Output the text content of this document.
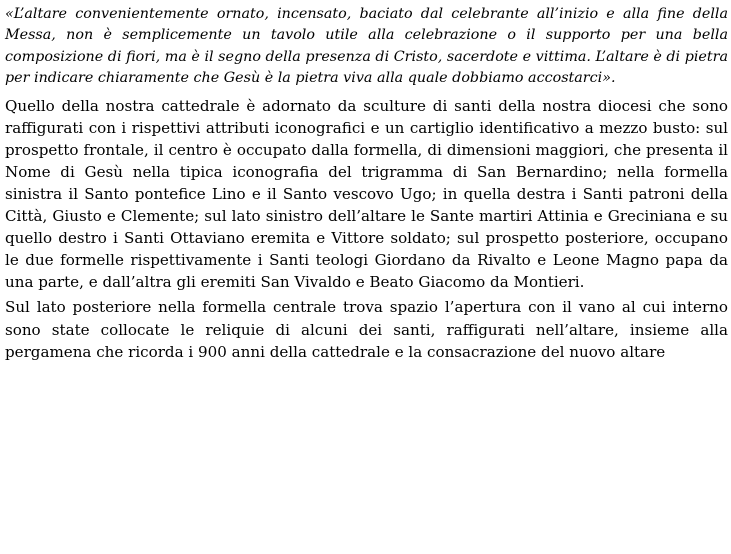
«L’altare convenientemente ornato, incensato, baciato dal celebrante all’inizio e alla fine della Messa, non è semplicemente un tavolo utile alla celebrazione o il supporto per una bella composizione di fiori, ma è il segno della presenza di Cristo, sacerdote e vittima. L’altare è di pietra per indicare chiaramente che Gesù è la pietra viva alla quale dobbiamo accostarci».

Quello della nostra cattedrale è adornato da sculture di santi della nostra diocesi che sono raffigurati con i rispettivi attributi iconografici e un cartiglio identificativo a mezzo busto: sul prospetto frontale, il centro è occupato dalla formella, di dimensioni maggiori, che presenta il Nome di Gesù nella tipica iconografia del trigramma di San Bernardino; nella formella sinistra il Santo pontefice Lino e il Santo vescovo Ugo; in quella destra i Santi patroni della Città, Giusto e Clemente; sul lato sinistro dell’altare le Sante martiri Attinia e Greciniana e su quello destro i Santi Ottaviano eremita e Vittore soldato; sul prospetto posteriore, occupano le due formelle rispettivamente i Santi teologi Giordano da Rivalto e Leone Magno papa da una parte, e dall’altra gli eremiti San Vivaldo e Beato Giacomo da Montieri.

Sul lato posteriore nella formella centrale trova spazio l’apertura con il vano al cui interno sono state collocate le reliquie di alcuni dei santi, raffigurati nell’altare, insieme alla pergamena che ricorda i 900 anni della cattedrale e la consacrazione del nuovo altare
